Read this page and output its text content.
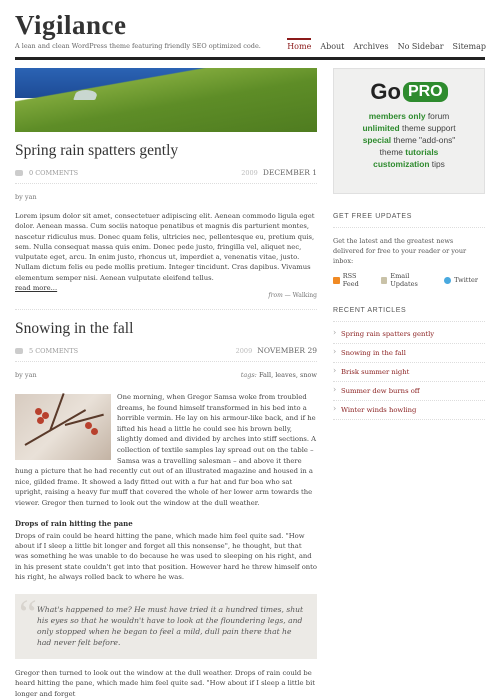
Vigilance
A lean and clean WordPress theme featuring friendly SEO optimized code.	Home About Archives No Sidebar Sitemap
Spring rain spatters gently
0 COMMENTS	2009 DECEMBER 1
by yan
Lorem ipsum dolor sit amet, consectetuer adipiscing elit. Aenean commodo ligula eget dolor. Aenean massa. Cum sociis natoque penatibus et magnis dis parturient montes, nascetur ridiculus mus. Donec quam felis, ultricies nec, pellentesque eu, pretium quis, sem. Nulla consequat massa quis enim. Donec pede justo, fringilla vel, aliquet nec, vulputate eget, arcu. In enim justo, rhoncus ut, imperdiet a, venenatis vitae, justo. Nullam dictum felis eu pede mollis pretium. Integer tincidunt. Cras dapibus. Vivamus elementum semper nisi. Aenean vulputate eleifend tellus.
read more...
from — Walking
Snowing in the fall
5 COMMENTS	2009 NOVEMBER 29
by yan	tags: Fall, leaves, snow
One morning, when Gregor Samsa woke from troubled dreams, he found himself transformed in his bed into a horrible vermin. He lay on his armour-like back, and if he lifted his head a little he could see his brown belly, slightly domed and divided by arches into stiff sections. A collection of textile samples lay spread out on the table – Samsa was a travelling salesman – and above it there hung a picture that he had recently cut out of an illustrated magazine and housed in a nice, gilded frame. It showed a lady fitted out with a fur hat and fur boa who sat upright, raising a heavy fur muff that covered the whole of her lower arm towards the viewer. Gregor then turned to look out the window at the dull weather.
Drops of rain hitting the pane
Drops of rain could be heard hitting the pane, which made him feel quite sad. "How about if I sleep a little bit longer and forget all this nonsense", he thought, but that was something he was unable to do because he was used to sleeping on his right, and in his present state couldn't get into that position. However hard he threw himself onto his right, he always rolled back to where he was.
“ What's happened to me? He must have tried it a hundred times, shut his eyes so that he wouldn't have to look at the floundering legs, and only stopped when he began to feel a mild, dull pain there that he had never felt before.

Gregor then turned to look out the window at the dull weather. Drops of rain could be heard hitting the pane, which made him feel quite sad. "How about if I sleep a little bit longer and forget
Go PRO
members only forum
unlimited theme support
special theme "add-ons"
theme tutorials
customization tips
GET FREE UPDATES
Get the latest and the greatest news delivered for free to your reader or your inbox:
RSS Feed
Email Updates	Twitter
RECENT ARTICLES
› Spring rain spatters gently
› Snowing in the fall
› Brisk summer night
› Summer dew burns off
› Winter winds howling
